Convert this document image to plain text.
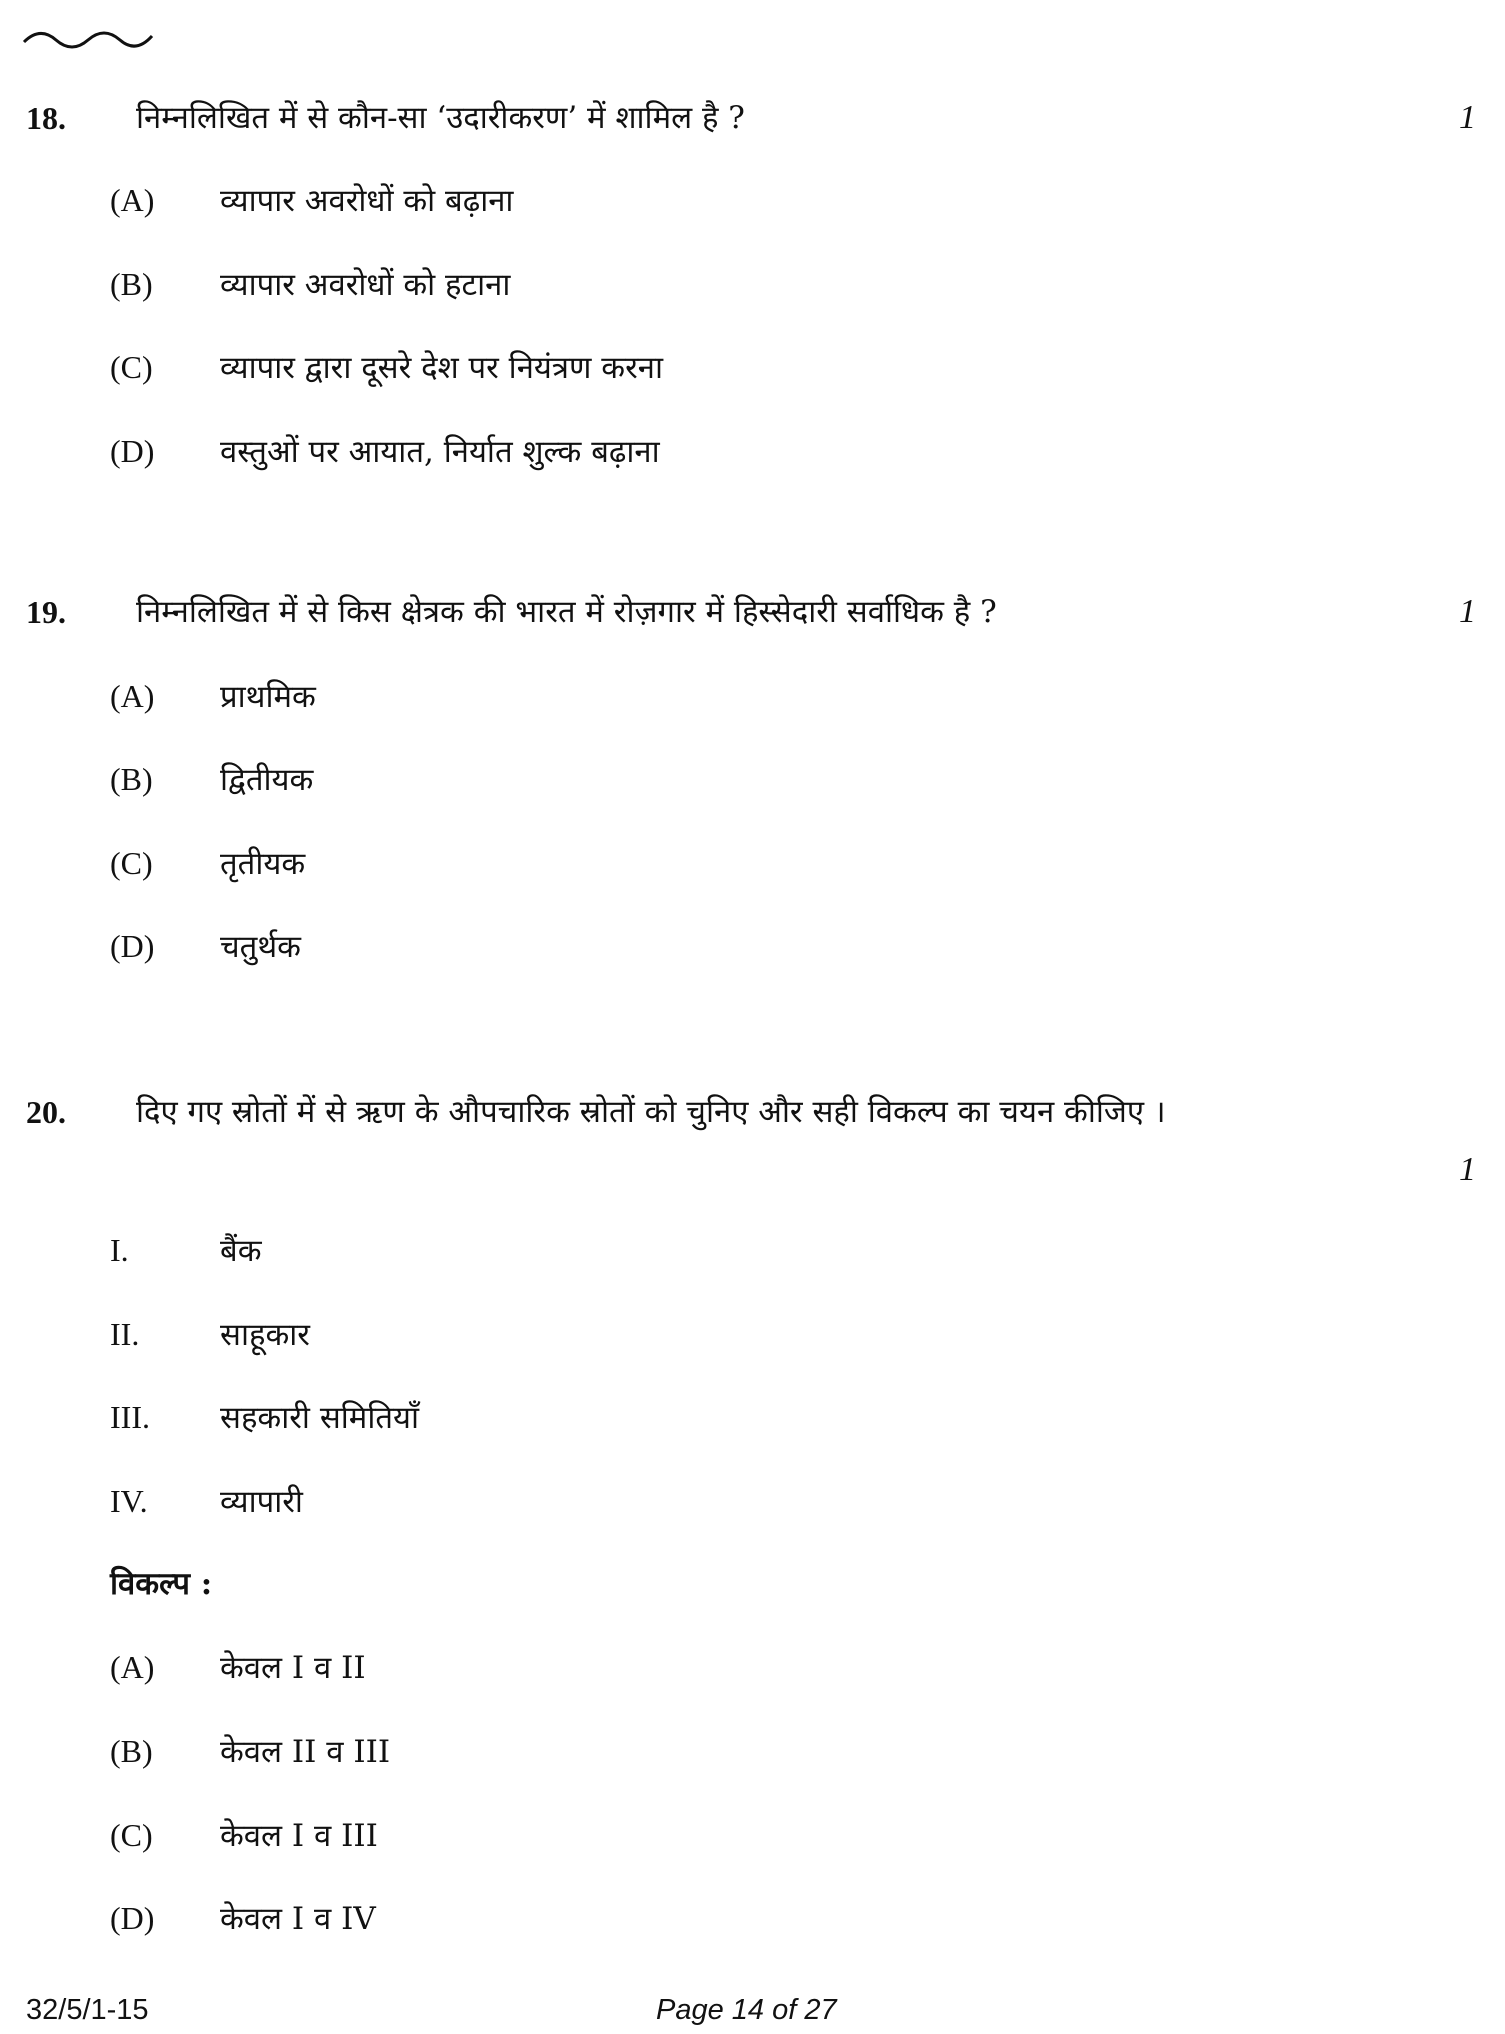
18. निम्नलिखित में से कौन-सा ‘उदारीकरण’ में शामिल है ?	1
(A) व्यापार अवरोधों को बढ़ाना
(B) व्यापार अवरोधों को हटाना
(C) व्यापार द्वारा दूसरे देश पर नियंत्रण करना
(D) वस्तुओं पर आयात, निर्यात शुल्क बढ़ाना
19. निम्नलिखित में से किस क्षेत्रक की भारत में रोज़गार में हिस्सेदारी सर्वाधिक है ?	1
(A) प्राथमिक
(B) द्वितीयक
(C) तृतीयक
(D) चतुर्थक
20. दिए गए स्रोतों में से ऋण के औपचारिक स्रोतों को चुनिए और सही विकल्प का चयन कीजिए ।
1
I.	बैंक
II.	साहूकार
III. सहकारी समितियाँ
IV. व्यापारी
विकल्प :
(A) केवल I व II
(B) केवल II व III
(C) केवल I व III
(D) केवल I व IV
32/5/1-15	Page 14 of 27
